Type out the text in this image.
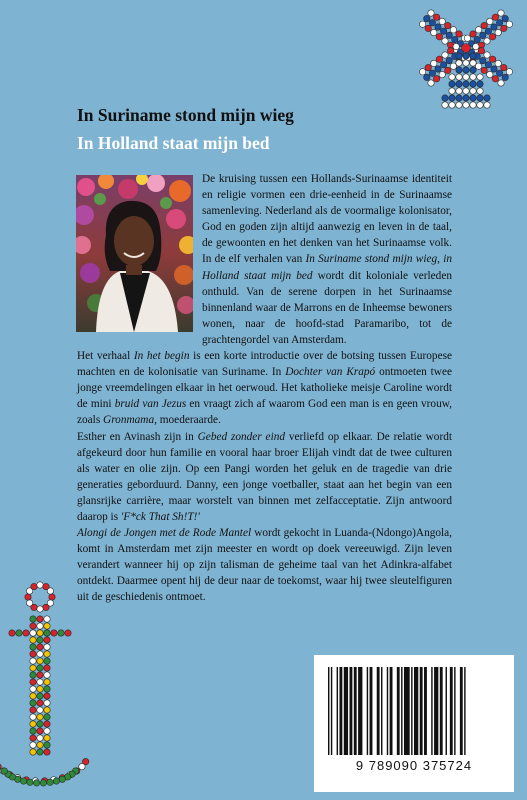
In Suriname stond mijn wieg
In Holland staat mijn bed

De kruising tussen een Hollands-Surinaamse identiteit en religie vormen een drie-eenheid in de Surinaamse samenleving. Nederland als de voormalige kolonisator, God en goden zijn altijd aanwezig en leven in de taal, de gewoonten en het denken van het Surinaamse volk. In de elf verhalen van In Suriname stond mijn wieg, in Holland staat mijn bed wordt dit koloniale verleden onthuld. Van de serene dorpen in het Surinaamse binnenland waar de Marrons en de Inheemse bewoners wonen, naar de hoofd-stad Paramaribo, tot de grachtengordel van Amsterdam.

Het verhaal In het begin is een korte introductie over de botsing tussen Europese machten en de kolonisatie van Suriname. In Dochter van Krapó ontmoeten twee jonge vreemdelingen elkaar in het oerwoud. Het katholieke meisje Caroline wordt de mini bruid van Jezus en vraagt zich af waarom God een man is en geen vrouw, zoals Gronmama, moederaarde.

Esther en Avinash zijn in Gebed zonder eind verliefd op elkaar. De relatie wordt afgekeurd door hun familie en vooral haar broer Elijah vindt dat de twee culturen als water en olie zijn. Op een Pangi worden het geluk en de tragedie van drie generaties geborduurd. Danny, een jonge voetballer, staat aan het begin van een glansrijke carrière, maar worstelt van binnen met zelfacceptatie. Zijn antwoord daarop is 'F*ck That Sh!T!'

Alongi de Jongen met de Rode Mantel wordt gekocht in Luanda-(Ndongo)Angola, komt in Amsterdam met zijn meester en wordt op doek vereeuwigd. Zijn leven verandert wanneer hij op zijn talisman de geheime taal van het Adinkra-alfabet ontdekt. Daarmee opent hij de deur naar de toekomst, waar hij twee sleutelfiguren uit de geschiedenis ontmoet.

9 789090 375724
